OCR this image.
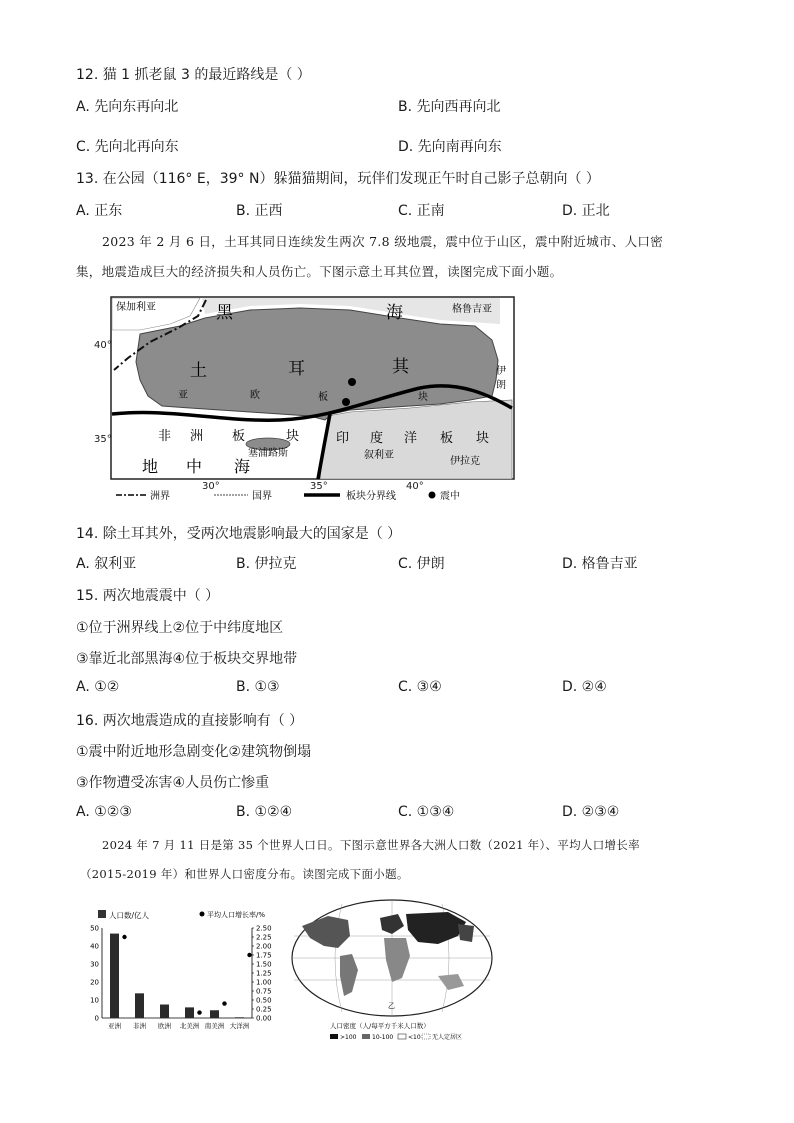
12. 猫 1 抓老鼠 3 的最近路线是（ ）
A. 先向东再向北	B. 先向西再向北
C. 先向北再向东	D. 先向南再向东
13. 在公园（116° E，39° N）躲猫猫期间，玩伴们发现正午时自己影子总朝向（ ）
A. 正东	B. 正西	C. 正南	D. 正北
2023 年 2 月 6 日，土耳其同日连续发生两次 7.8 级地震，震中位于山区，震中附近城市、人口密
集，地震造成巨大的经济损失和人员伤亡。下图示意土耳其位置，读图完成下面小题。
保加利亚	黑	海	格鲁吉亚
土	耳	其
亚	欧	板	块
伊
朗
非 洲 板	块
塞浦路斯
印 度 洋 板 块
地 中 海
叙利亚
伊拉克
洲界	国界	板块分界线	震中
40°
35°
30°	35°	40°
14. 除土耳其外，受两次地震影响最大的国家是（ ）
A. 叙利亚	B. 伊拉克	C. 伊朗	D. 格鲁吉亚
15. 两次地震震中（ ）
①位于洲界线上②位于中纬度地区
③靠近北部黑海④位于板块交界地带
A. ①②	B. ①③	C. ③④	D. ②④
16. 两次地震造成的直接影响有（ ）
①震中附近地形急剧变化②建筑物倒塌
③作物遭受冻害④人员伤亡惨重
A. ①②③	B. ①②④	C. ①③④	D. ②③④
2024 年 7 月 11 日是第 35 个世界人口日。下图示意世界各大洲人口数（2021 年）、平均人口增长率
（2015-2019 年）和世界人口密度分布。读图完成下面小题。
人口数/亿人	平均人口增长率/%
0
10
20
30
40
50
0.00
0.25
0.50
0.75
1.00
1.25
1.50
1.75
2.00
2.25
2.50
亚洲 非洲 欧洲 北美洲 南美洲 大洋洲
乙
人口密度（人/每平方千米人口数）
>100	10-100 <10 无人定居区
